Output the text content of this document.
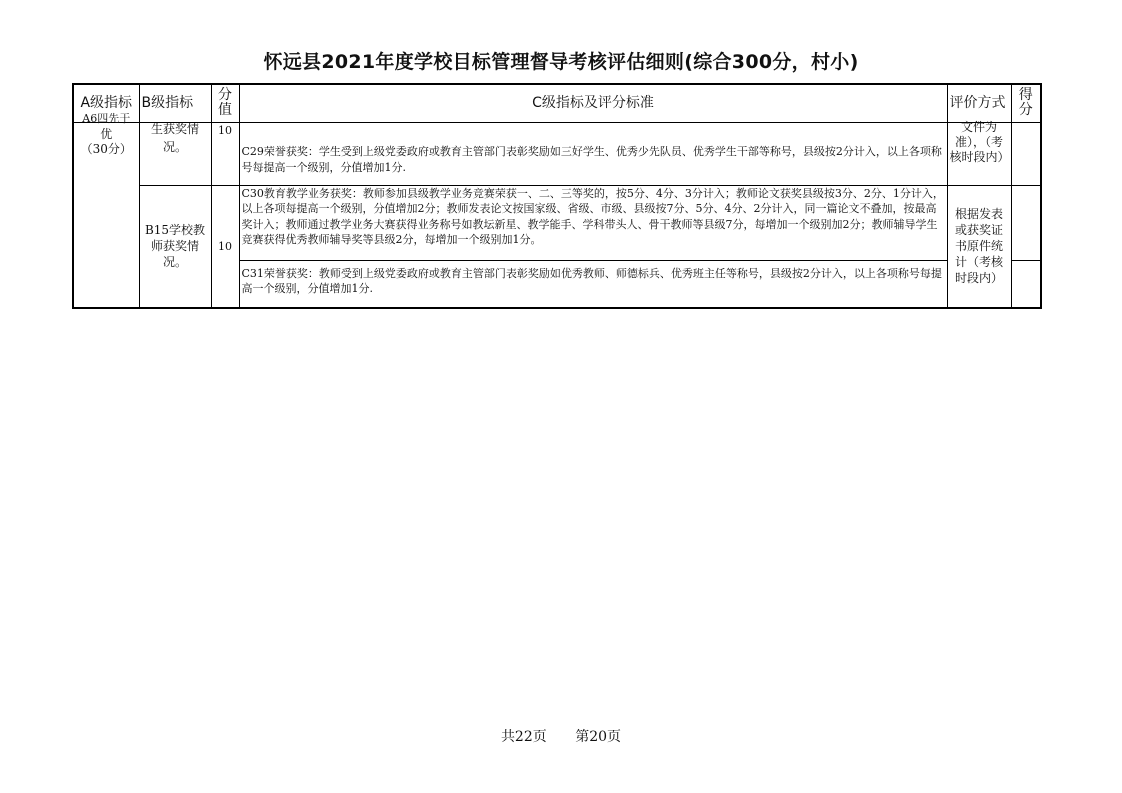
怀远县2021年度学校目标管理督导考核评估细则(综合300分，村小)
A级指标	B级指标	分值	C级指标及评分标准	评价方式	得分

A6四先于
优
（30分）	生获奖情况。	10	C29荣誉获奖：学生受到上级党委政府或教育主管部门表彰奖励如三好学生、优秀少先队员、优秀学生干部等称号，县级按2分计入，以上各项称号每提高一个级别，分值增加1分.	文件为准），（考核时段内）	

	B15学校教师获奖情况。	10	C30教育教学业务获奖：教师参加县级教学业务竞赛荣获一、二、三等奖的，按5分、4分、3分计入；教师论文获奖县级按3分、2分、1分计入，以上各项每提高一个级别，分值增加2分；教师发表论文按国家级、省级、市级、县级按7分、5分、4分、2分计入，同一篇论文不叠加，按最高奖计入；教师通过教学业务大赛获得业务称号如教坛新星、教学能手、学科带头人、骨干教师等县级7分，每增加一个级别加2分；教师辅导学生竞赛获得优秀教师辅导奖等县级2分，每增加一个级别加1分。	根据发表或获奖证书原件统计（考核时段内）	
			C31荣誉获奖：教师受到上级党委政府或教育主管部门表彰奖励如优秀教师、师德标兵、优秀班主任等称号，县级按2分计入，以上各项称号每提高一个级别，分值增加1分.		
共22页 第20页
